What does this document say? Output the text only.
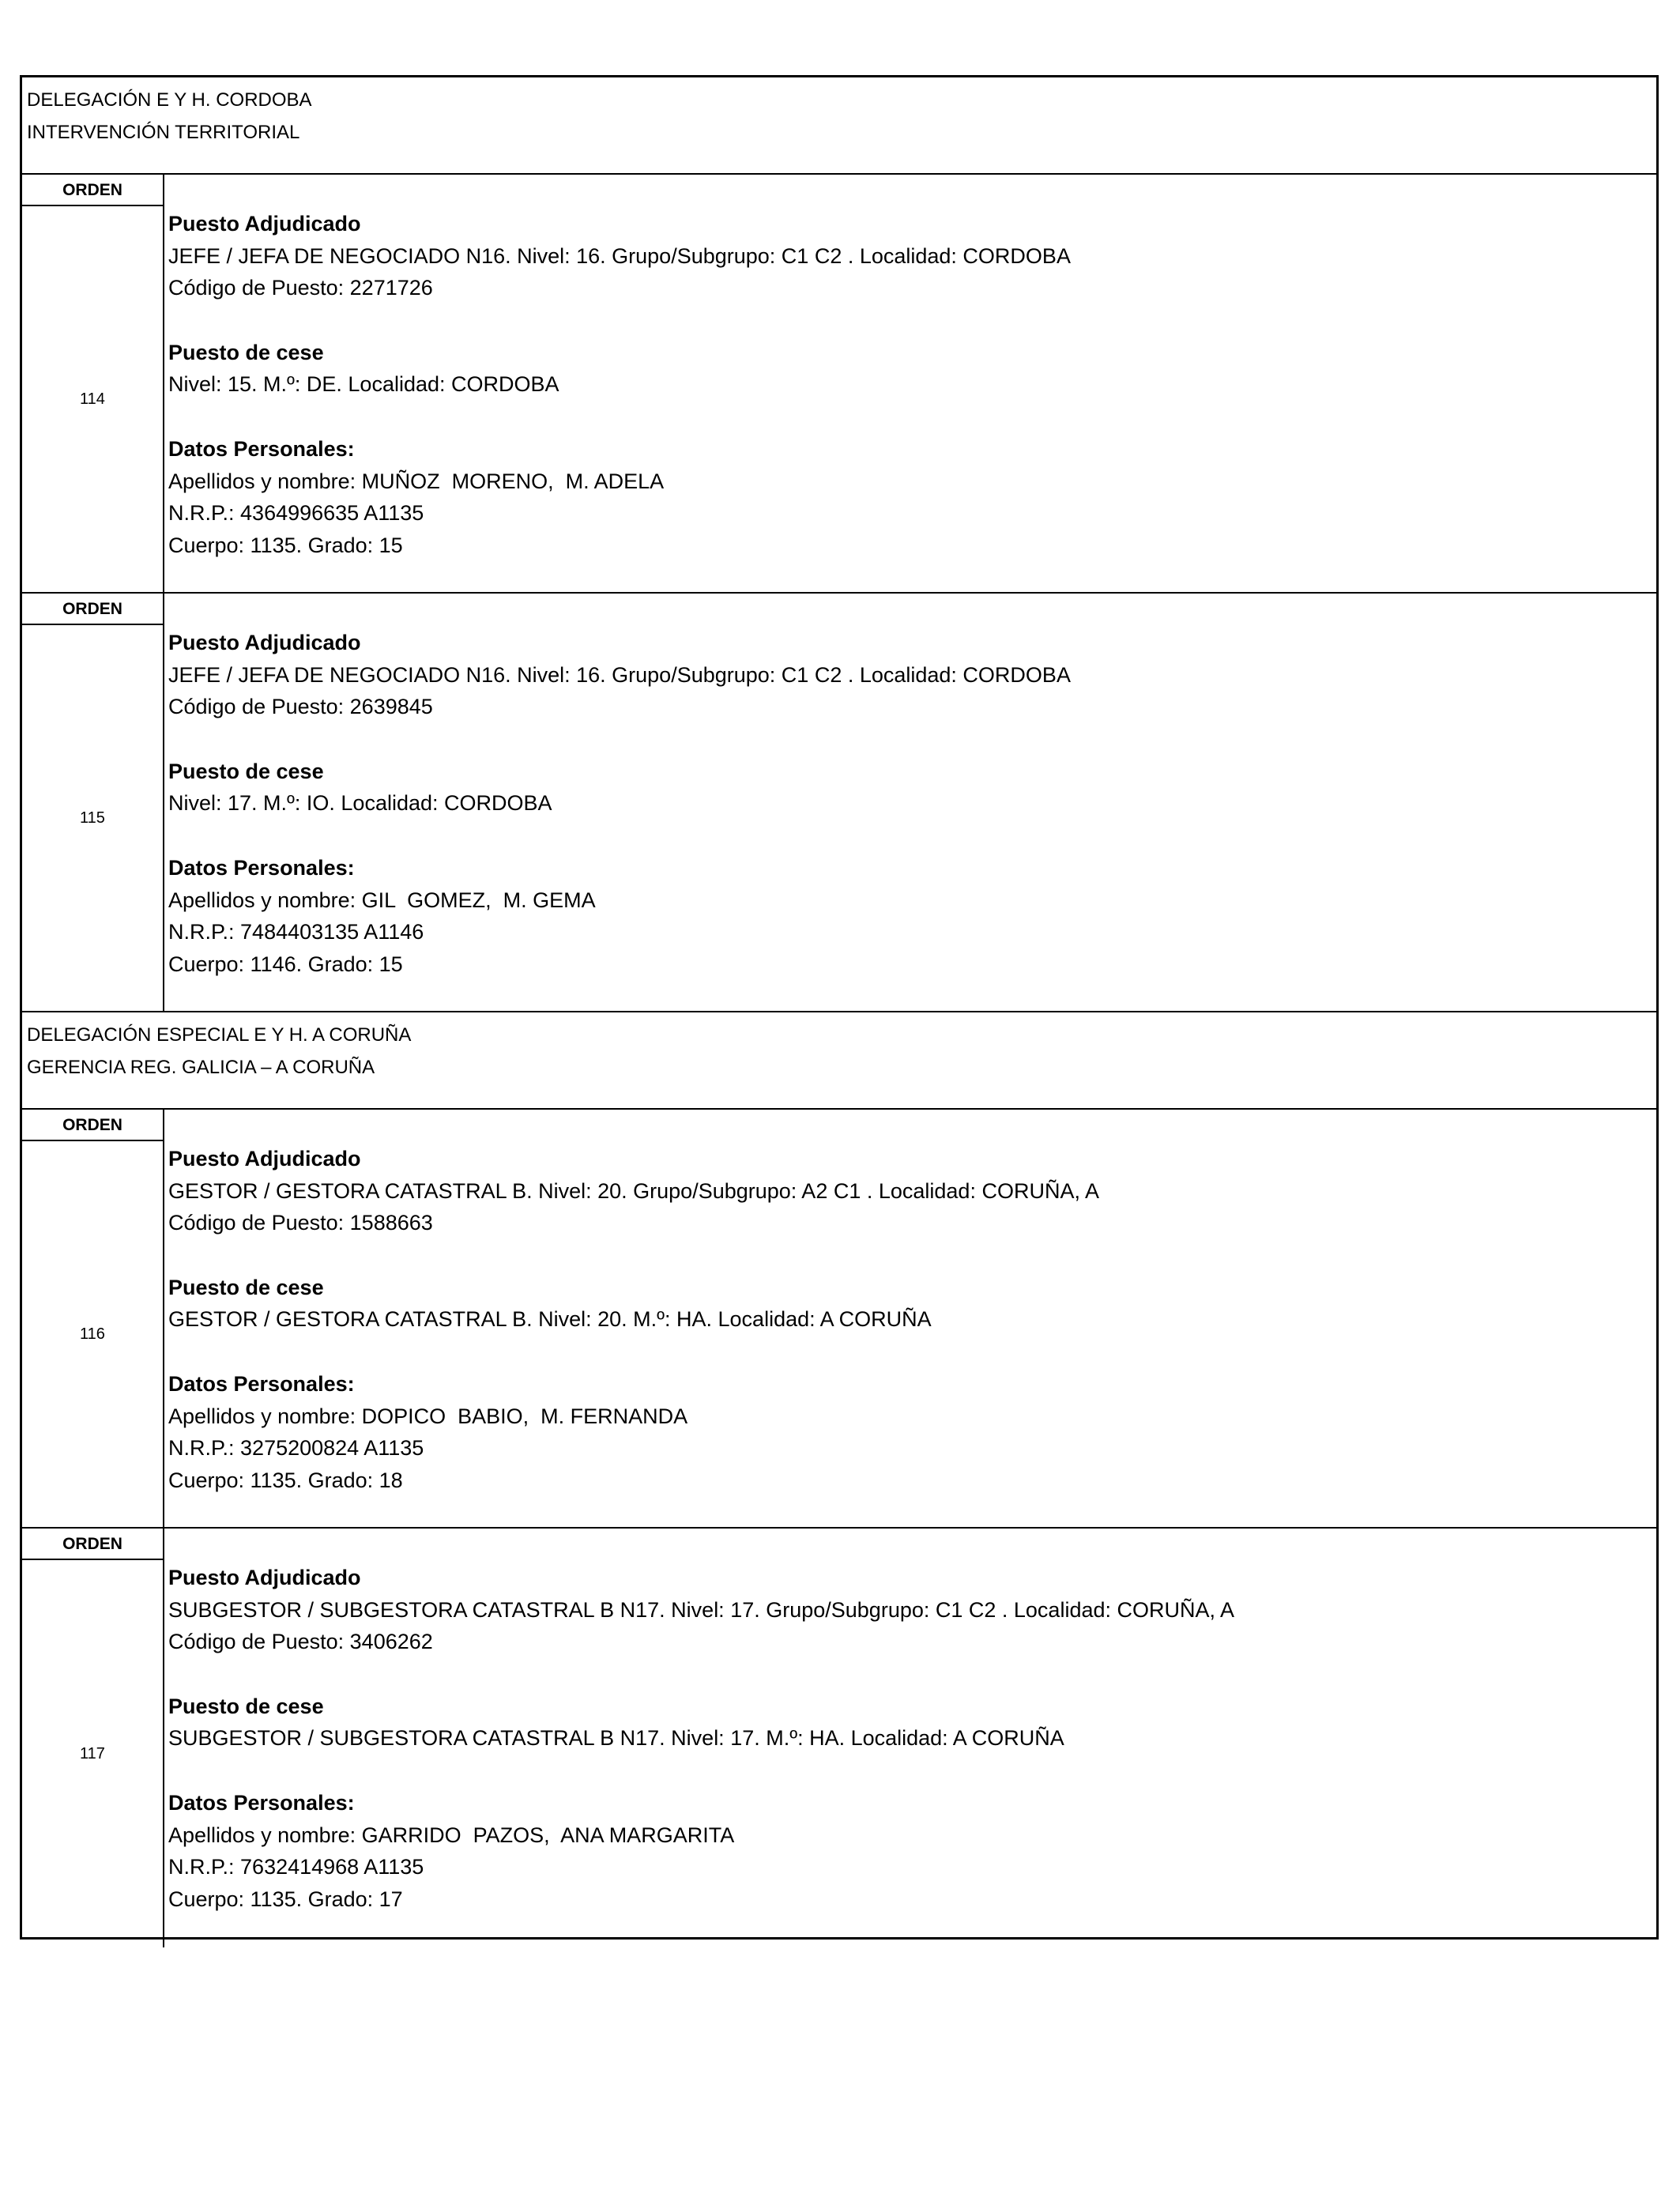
DELEGACIÓN E Y H. CORDOBA
INTERVENCIÓN TERRITORIAL
ORDEN
114
Puesto Adjudicado
JEFE / JEFA DE NEGOCIADO N16. Nivel: 16. Grupo/Subgrupo: C1 C2 . Localidad: CORDOBA
Código de Puesto: 2271726
Puesto de cese
Nivel: 15. M.º: DE. Localidad: CORDOBA
Datos Personales:
Apellidos y nombre: MUÑOZ  MORENO,  M. ADELA
N.R.P.: 4364996635 A1135
Cuerpo: 1135. Grado: 15
ORDEN
115
Puesto Adjudicado
JEFE / JEFA DE NEGOCIADO N16. Nivel: 16. Grupo/Subgrupo: C1 C2 . Localidad: CORDOBA
Código de Puesto: 2639845
Puesto de cese
Nivel: 17. M.º: IO. Localidad: CORDOBA
Datos Personales:
Apellidos y nombre: GIL  GOMEZ,  M. GEMA
N.R.P.: 7484403135 A1146
Cuerpo: 1146. Grado: 15
DELEGACIÓN ESPECIAL E Y H. A CORUÑA
GERENCIA REG. GALICIA – A CORUÑA
ORDEN
116
Puesto Adjudicado
GESTOR / GESTORA CATASTRAL B. Nivel: 20. Grupo/Subgrupo: A2 C1 . Localidad: CORUÑA, A
Código de Puesto: 1588663
Puesto de cese
GESTOR / GESTORA CATASTRAL B. Nivel: 20. M.º: HA. Localidad: A CORUÑA
Datos Personales:
Apellidos y nombre: DOPICO  BABIO,  M. FERNANDA
N.R.P.: 3275200824 A1135
Cuerpo: 1135. Grado: 18
ORDEN
117
Puesto Adjudicado
SUBGESTOR / SUBGESTORA CATASTRAL B N17. Nivel: 17. Grupo/Subgrupo: C1 C2 . Localidad: CORUÑA, A
Código de Puesto: 3406262
Puesto de cese
SUBGESTOR / SUBGESTORA CATASTRAL B N17. Nivel: 17. M.º: HA. Localidad: A CORUÑA
Datos Personales:
Apellidos y nombre: GARRIDO  PAZOS,  ANA MARGARITA
N.R.P.: 7632414968 A1135
Cuerpo: 1135. Grado: 17
